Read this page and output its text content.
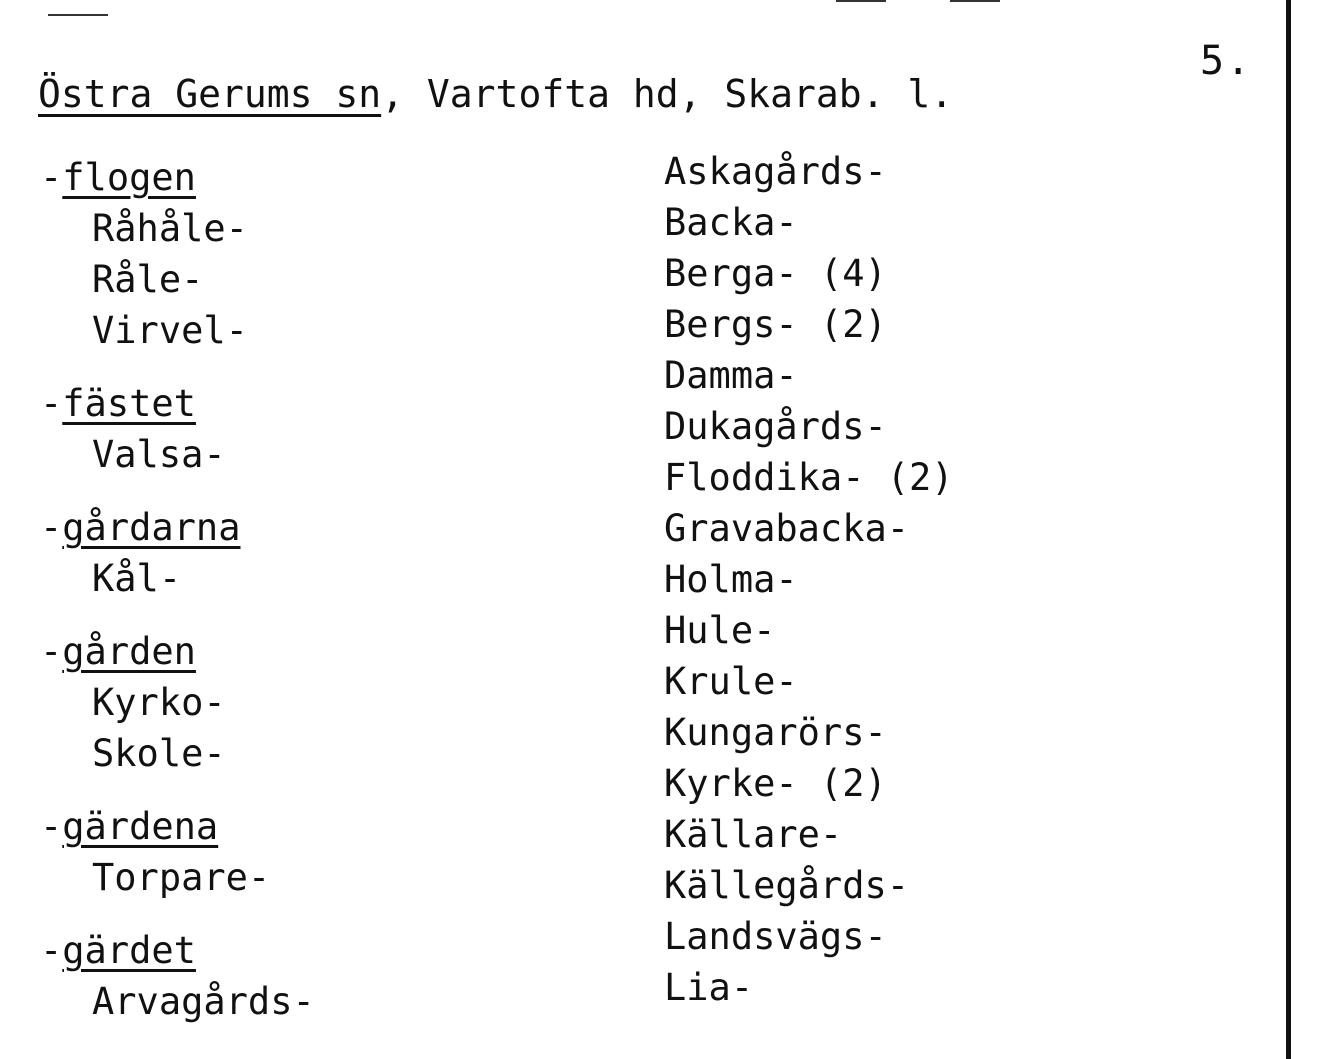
5.
Östra Gerums sn, Vartofta hd, Skarab. l.
-flogen
Råhåle-
Råle-
Virvel-
-fästet
Valsa-
-gårdarna
Kål-
-gården
Kyrko-
Skole-
-gärdena
Torpare-
-gärdet
Arvagårds-
Askagårds-
Backa-
Berga- (4)
Bergs- (2)
Damma-
Dukagårds-
Floddika- (2)
Gravabacka-
Holma-
Hule-
Krule-
Kungarörs-
Kyrke- (2)
Källare-
Källegårds-
Landsvägs-
Lia-
